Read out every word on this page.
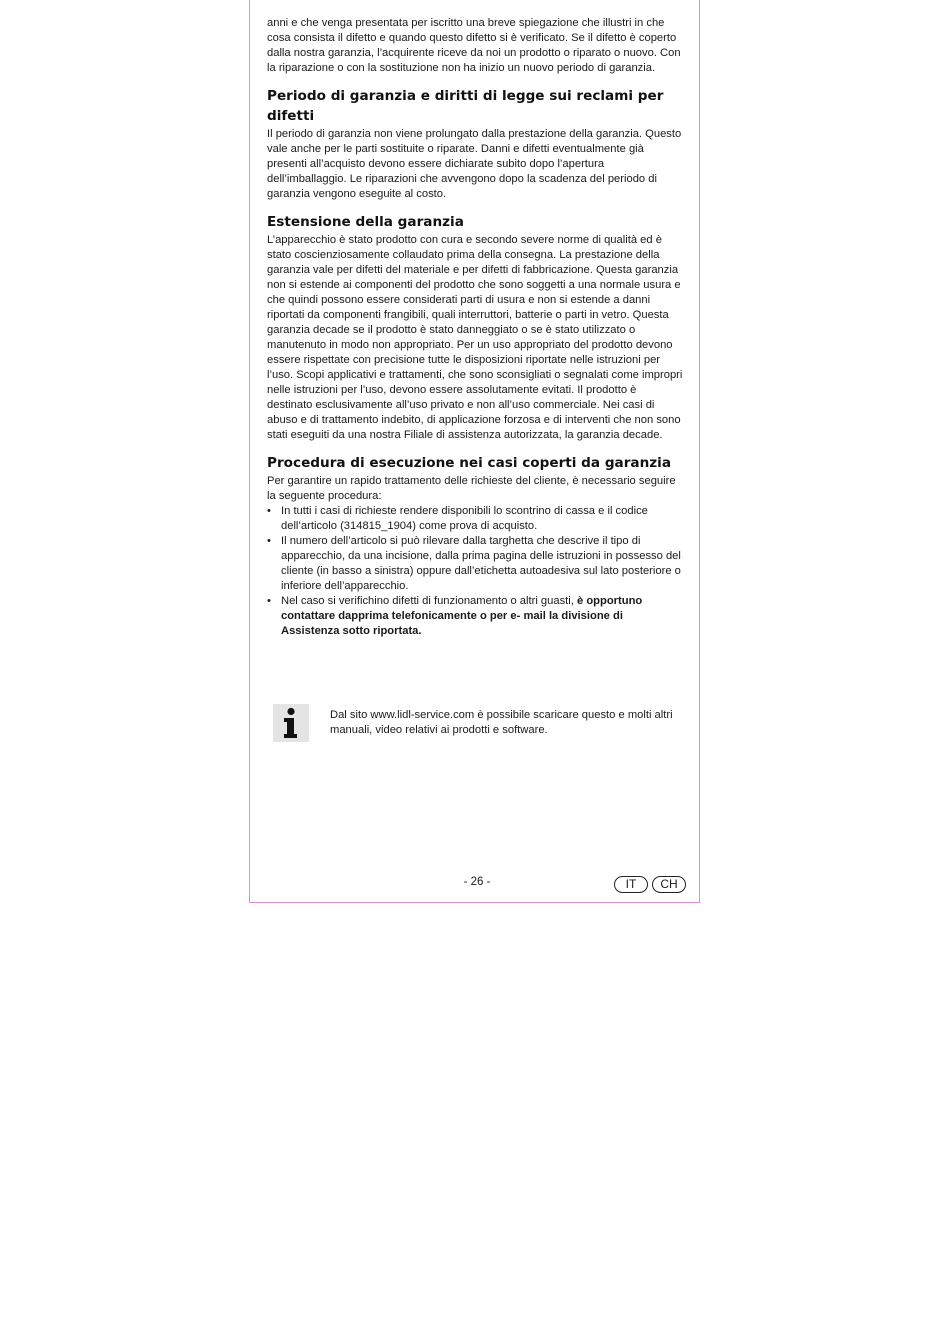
anni e che venga presentata per iscritto una breve spiegazione che illustri in che cosa consista il difetto e quando questo difetto si è verificato. Se il difetto è coperto dalla nostra garanzia, l’acquirente riceve da noi un prodotto o riparato o nuovo. Con la riparazione o con la sostituzione non ha inizio un nuovo periodo di garanzia.

Periodo di garanzia e diritti di legge sui reclami per difetti

Il periodo di garanzia non viene prolungato dalla prestazione della garanzia. Questo vale anche per le parti sostituite o riparate. Danni e difetti eventualmente già presenti all’acquisto devono essere dichiarate subito dopo l’apertura dell’imballaggio. Le riparazioni che avvengono dopo la scadenza del periodo di garanzia vengono eseguite al costo.

Estensione della garanzia

L’apparecchio è stato prodotto con cura e secondo severe norme di qualità ed è stato coscienziosamente collaudato prima della consegna. La prestazione della garanzia vale per difetti del materiale e per difetti di fabbricazione. Questa garanzia non si estende ai componenti del prodotto che sono soggetti a una normale usura e che quindi possono essere considerati parti di usura e non si estende a danni riportati da componenti frangibili, quali interruttori, batterie o parti in vetro. Questa garanzia decade se il prodotto è stato danneggiato o se è stato utilizzato o manutenuto in modo non appropriato. Per un uso appropriato del prodotto devono essere rispettate con precisione tutte le disposizioni riportate nelle istruzioni per l’uso. Scopi applicativi e trattamenti, che sono sconsigliati o segnalati come impropri nelle istruzioni per l’uso, devono essere assolutamente evitati. Il prodotto è destinato esclusivamente all’uso privato e non all’uso commerciale. Nei casi di abuso e di trattamento indebito, di applicazione forzosa e di interventi che non sono stati eseguiti da una nostra Filiale di assistenza autorizzata, la garanzia decade.

Procedura di esecuzione nei casi coperti da garanzia

Per garantire un rapido trattamento delle richieste del cliente, è necessario seguire la seguente procedura:

• In tutti i casi di richieste rendere disponibili lo scontrino di cassa e il codice dell’articolo (314815_1904) come prova di acquisto.
• Il numero dell’articolo si può rilevare dalla targhetta che descrive il tipo di apparecchio, da una incisione, dalla prima pagina delle istruzioni in possesso del cliente (in basso a sinistra) oppure dall’etichetta autoadesiva sul lato posteriore o inferiore dell’apparecchio.
• Nel caso si verifichino difetti di funzionamento o altri guasti, è opportuno contattare dapprima telefonicamente o per e- mail la divisione di Assistenza sotto riportata.

Dal sito www.lidl-service.com è possibile scaricare questo e molti altri manuali, video relativi ai prodotti e software.

- 26 -	IT	CH
